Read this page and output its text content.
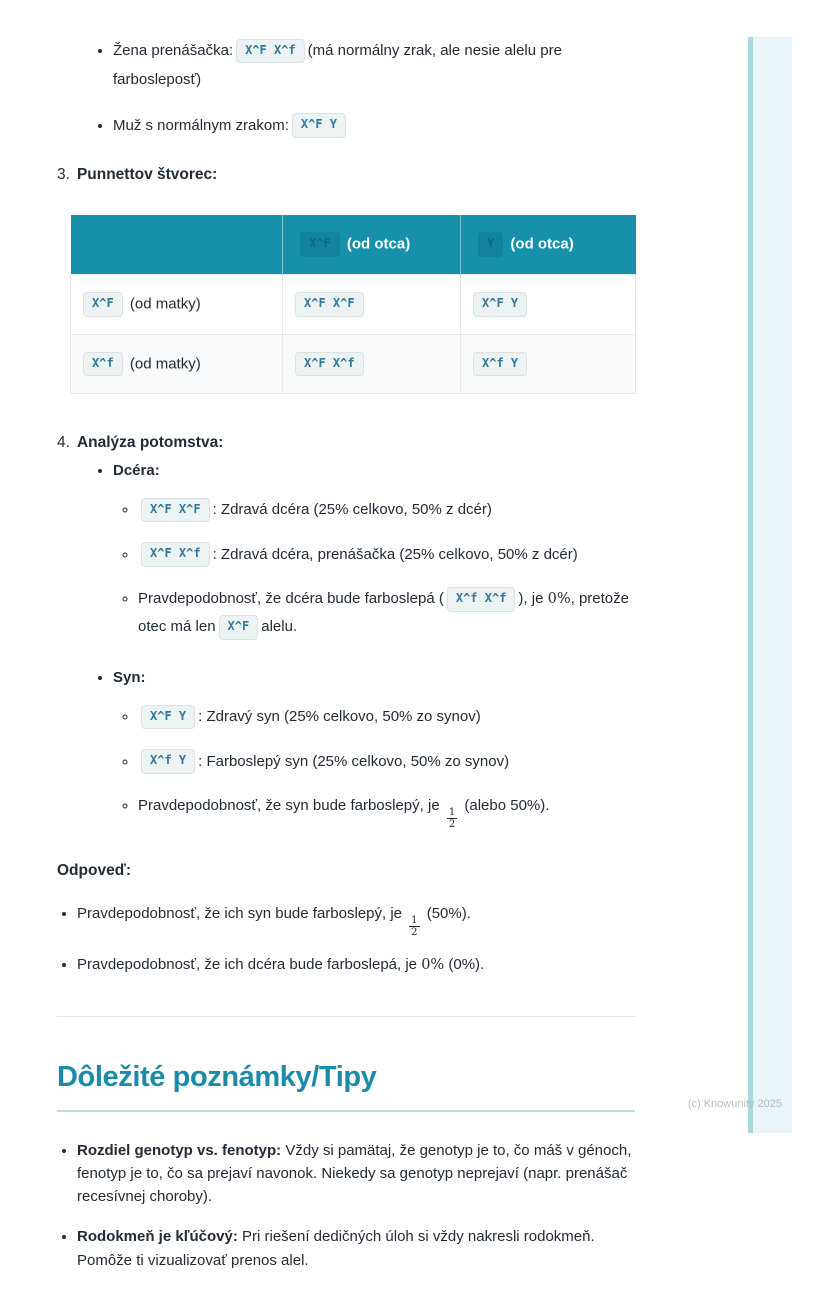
• Žena prenášačka: X^F X^f (má normálny zrak, ale nesie alelu pre farbosleposť)
• Muž s normálnym zrakom: X^F Y
3. Punnettov štvorec:
	X^F (od otca)	Y (od otca)
X^F (od matky)	X^F X^F	X^F Y
X^f (od matky)	X^F X^f	X^f Y
4. Analýza potomstva:
• Dcéra:
◦ X^F X^F : Zdravá dcéra (25% celkovo, 50% z dcér)
◦ X^F X^f : Zdravá dcéra, prenášačka (25% celkovo, 50% z dcér)
◦ Pravdepodobnosť, že dcéra bude farboslepá ( X^f X^f ), je 0%, pretože otec má len X^F alelu.
• Syn:
◦ X^F Y : Zdravý syn (25% celkovo, 50% zo synov)
◦ X^f Y : Farboslepý syn (25% celkovo, 50% zo synov)
◦ Pravdepodobnosť, že syn bude farboslepý, je
$\frac{1}{2}$
(alebo 50%).

Odpoveď:

• Pravdepodobnosť, že ich syn bude farboslepý, je
$\frac{1}{2}$
(50%).
• Pravdepodobnosť, že ich dcéra bude farboslepá, je 0% (0%).
Dôležité poznámky/Tipy
• Rozdiel genotyp vs. fenotyp: Vždy si pamätaj, že genotyp je to, čo máš v génoch, fenotyp je to, čo sa prejaví navonok. Niekedy sa genotyp neprejaví (napr. prenášač recesívnej choroby).
• Rodokmeň je kľúčový: Pri riešení dedičných úloh si vždy nakresli rodokmeň. Pomôže ti vizualizovať prenos alel.
(c) Knowunity 2025
